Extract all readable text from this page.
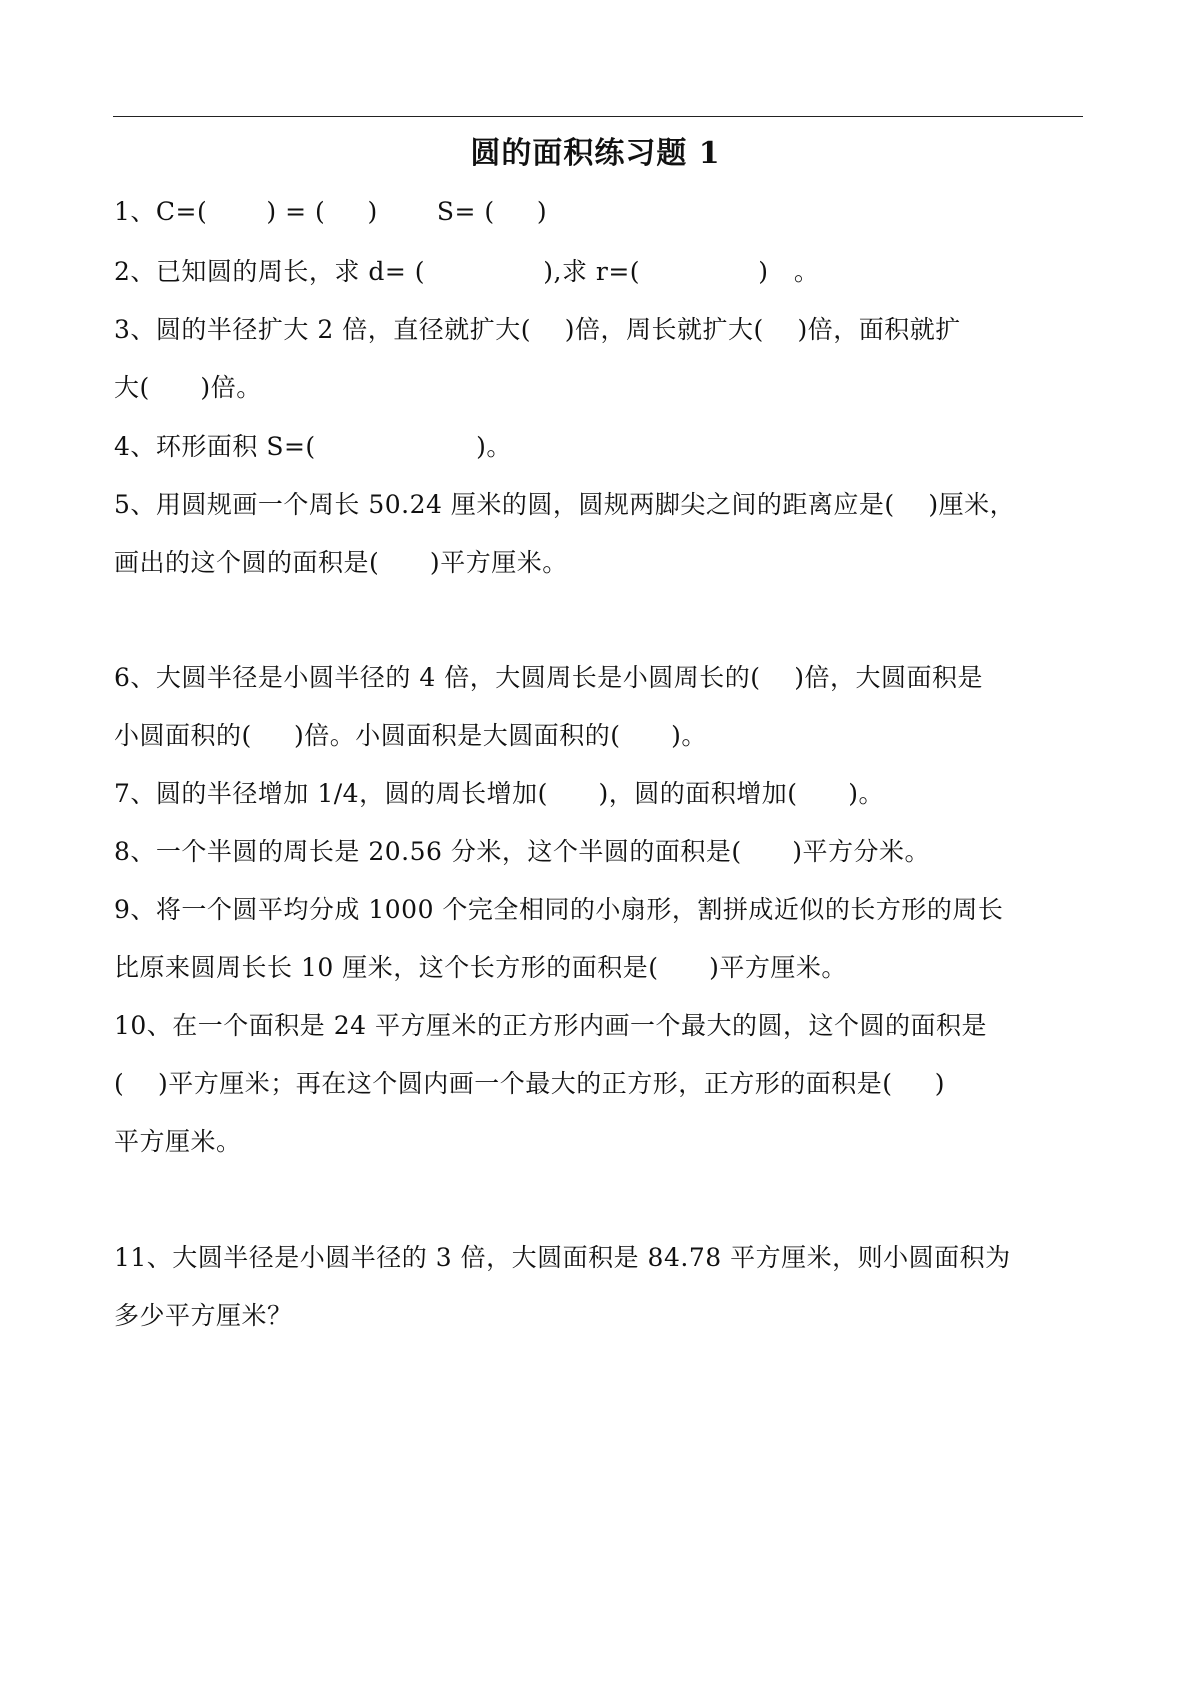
圆的面积练习题 1
1、C=(       ) = (     )       S= (     )
2、已知圆的周长，求 d= (              ),求 r=(              )   。
3、圆的半径扩大 2 倍，直径就扩大(    )倍，周长就扩大(    )倍，面积就扩
大(      )倍。
4、环形面积 S=(                   )。
5、用圆规画一个周长 50.24 厘米的圆，圆规两脚尖之间的距离应是(    )厘米，
画出的这个圆的面积是(      )平方厘米。
6、大圆半径是小圆半径的 4 倍，大圆周长是小圆周长的(    )倍，大圆面积是
小圆面积的(     )倍。小圆面积是大圆面积的(      )。
7、圆的半径增加 1/4，圆的周长增加(      )，圆的面积增加(      )。
8、一个半圆的周长是 20.56 分米，这个半圆的面积是(      )平方分米。
9、将一个圆平均分成 1000 个完全相同的小扇形，割拼成近似的长方形的周长
比原来圆周长长 10 厘米，这个长方形的面积是(      )平方厘米。
10、在一个面积是 24 平方厘米的正方形内画一个最大的圆，这个圆的面积是
(    )平方厘米；再在这个圆内画一个最大的正方形，正方形的面积是(     )
平方厘米。
11、大圆半径是小圆半径的 3 倍，大圆面积是 84.78 平方厘米，则小圆面积为
多少平方厘米？
